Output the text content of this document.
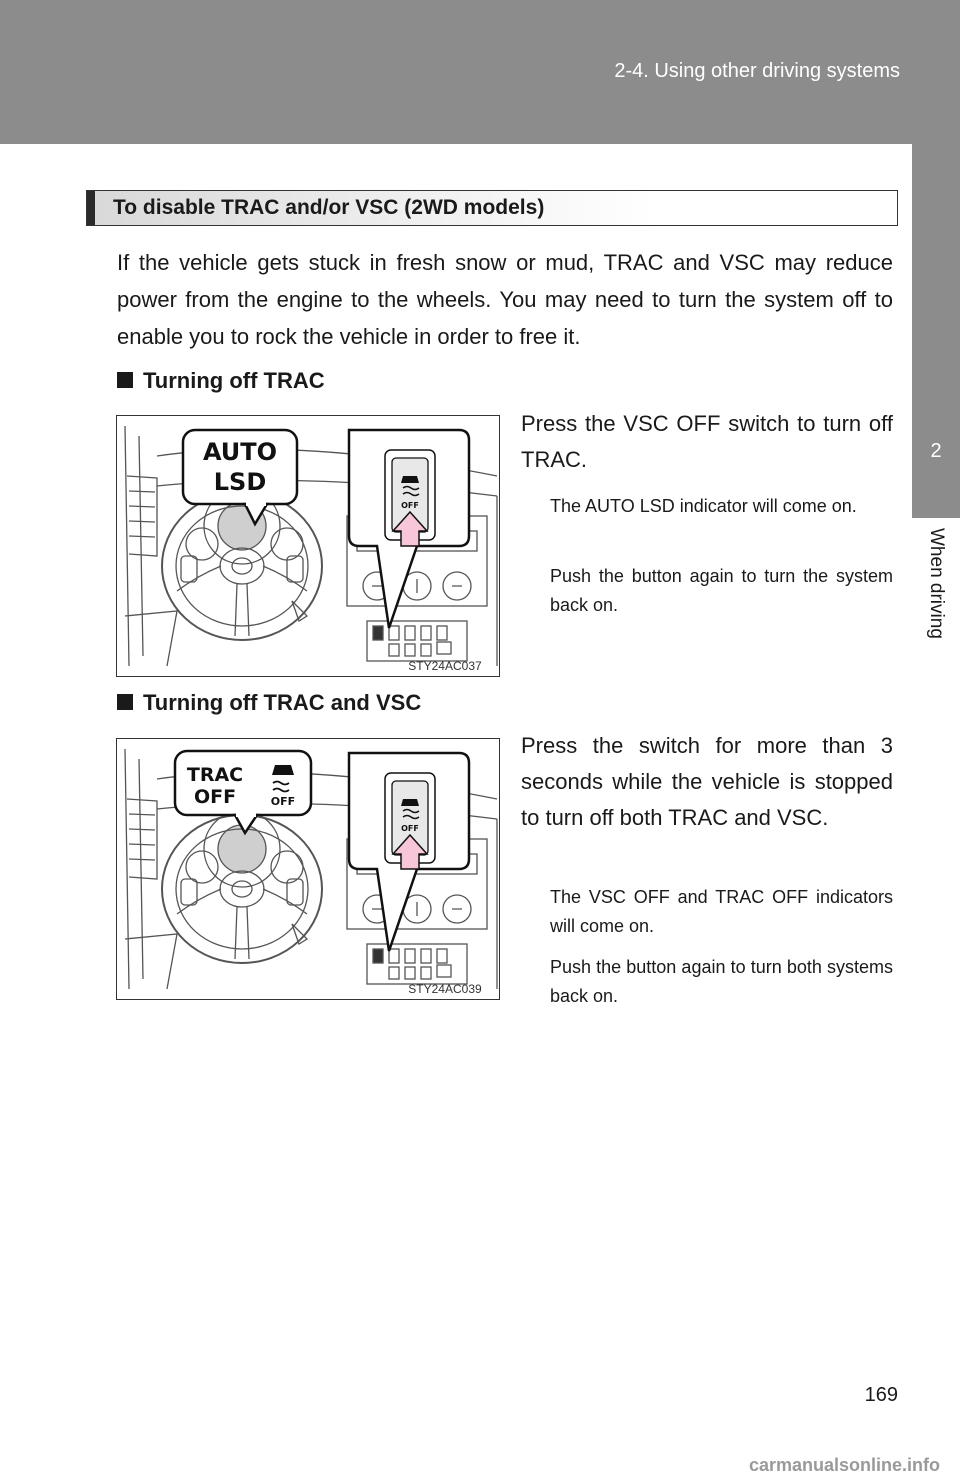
2-4. Using other driving systems
2
When driving
To disable TRAC and/or VSC (2WD models)

If the vehicle gets stuck in fresh snow or mud, TRAC and VSC may reduce power from the engine to the wheels. You may need to turn the system off to enable you to rock the vehicle in order to free it.

Turning off TRAC
AUTO
LSD
OFF
STY24AC037

Press the VSC OFF switch to turn off TRAC.

The AUTO LSD indicator will come on.

Push the button again to turn the system back on.

Turning off TRAC and VSC
TRAC
OFF	OFF
OFF
STY24AC039

Press the switch for more than 3 seconds while the vehicle is stopped to turn off both TRAC and VSC.

The VSC OFF and TRAC OFF indicators will come on.

Push the button again to turn both systems back on.

169
carmanualsonline.info
